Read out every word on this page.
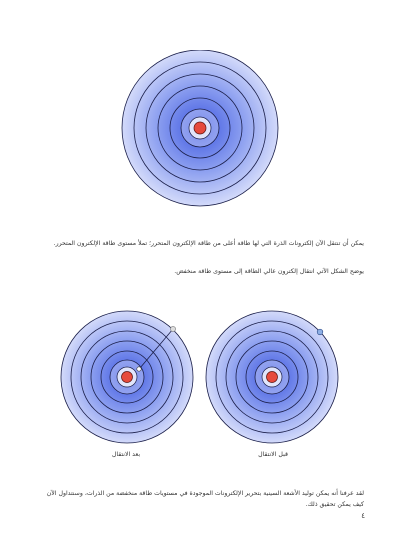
يمكن أن تنتقل الآن إلكترونات الذرة التي لها طاقة أعلى من طاقة الإلكترون المتحرر؛ تملأ مستوى طاقة الإلكترون المتحرر.

يوضح الشكل الآتي انتقال إلكترون عالي الطاقة إلى مستوى طاقة منخفض.

بعد الانتقال	قبل الانتقال

لقد عرفنا أنه يمكن توليد الأشعة السينية بتحرير الإلكترونات الموجودة في مستويات طاقة منخفضة من الذرات، وسنتداول الآن كيف يمكن تحقيق ذلك.

٤
